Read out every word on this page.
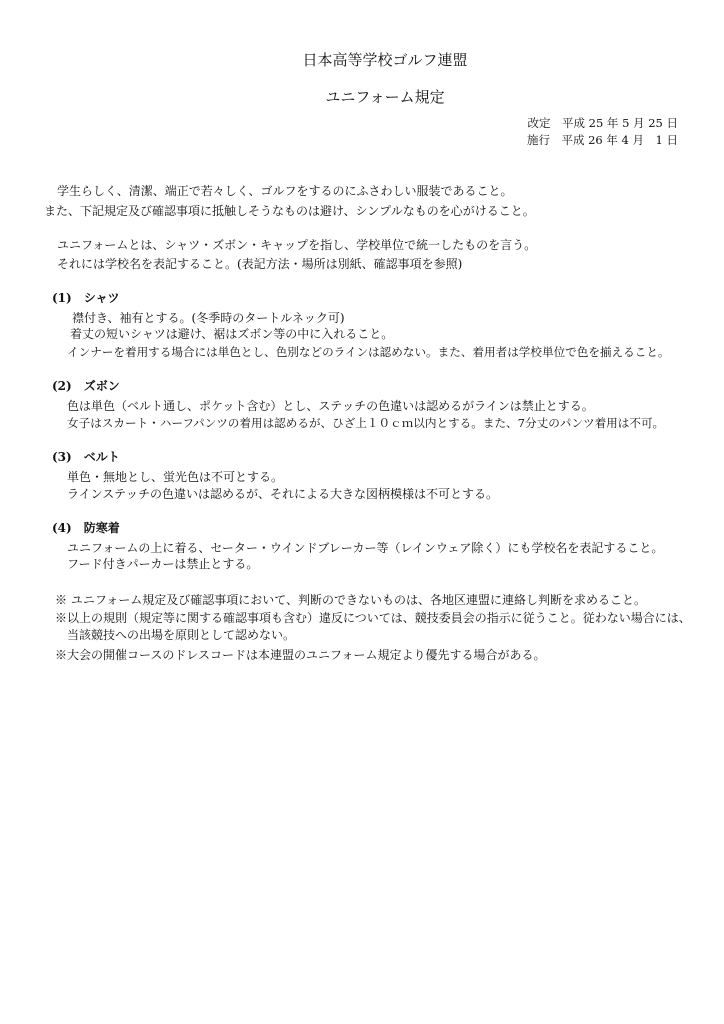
日本高等学校ゴルフ連盟
ユニフォーム規定
改定　平成 25 年 5 月 25 日
施行　平成 26 年 4 月　1 日
学生らしく、清潔、端正で若々しく、ゴルフをするのにふさわしい服装であること。
また、下記規定及び確認事項に抵触しそうなものは避け、シンプルなものを心がけること。
ユニフォームとは、シャツ・ズボン・キャップを指し、学校単位で統一したものを言う。
それには学校名を表記すること。(表記方法・場所は別紙、確認事項を参照)
(1)　シャツ
襟付き、袖有とする。(冬季時のタートルネック可)
着丈の短いシャツは避け、裾はズボン等の中に入れること。
インナーを着用する場合には単色とし、色別などのラインは認めない。また、着用者は学校単位で色を揃えること。
(2)　ズボン
色は単色（ベルト通し、ポケット含む）とし、ステッチの色違いは認めるがラインは禁止とする。
女子はスカート・ハーフパンツの着用は認めるが、ひざ上１０ｃｍ以内とする。また、7分丈のパンツ着用は不可。
(3)　ベルト
単色・無地とし、蛍光色は不可とする。
ラインステッチの色違いは認めるが、それによる大きな図柄模様は不可とする。
(4)　防寒着
ユニフォームの上に着る、セーター・ウインドブレーカー等（レインウェア除く）にも学校名を表記すること。
フード付きパーカーは禁止とする。
※ ユニフォーム規定及び確認事項において、判断のできないものは、各地区連盟に連絡し判断を求めること。
※以上の規則（規定等に関する確認事項も含む）違反については、競技委員会の指示に従うこと。従わない場合には、
当該競技への出場を原則として認めない。
※大会の開催コースのドレスコードは本連盟のユニフォーム規定より優先する場合がある。
